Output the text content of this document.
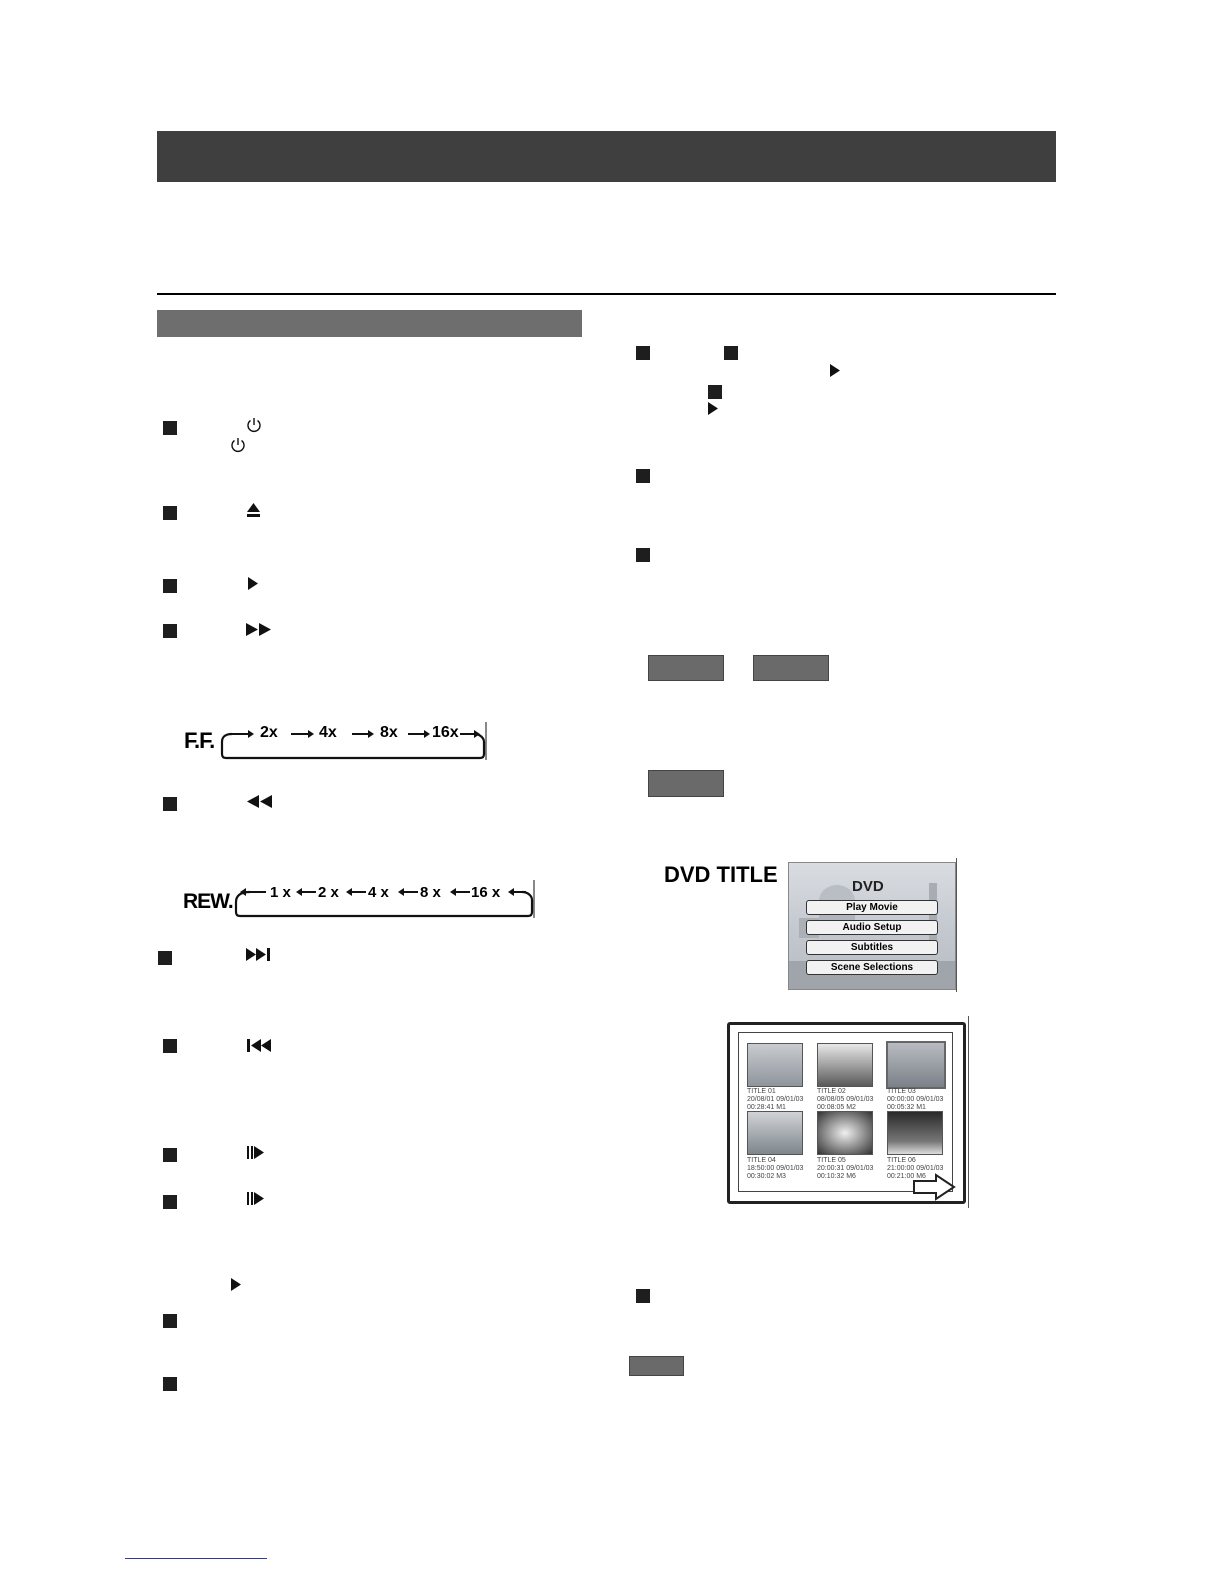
F.F.	2x	4x	8x 16x
REW. 1 x 2 x 4 x 8 x 16 x
DVD TITLE	DVD
Play Movie
Audio Setup
Subtitles
Scene Selections
TITLE 01
20/08/01 09/01/03
00:28:41 M1
TITLE 02
08/08/05 09/01/03
00:08:05 M2
TITLE 03
00:00:00 09/01/03
00:05:32 M1
TITLE 04
18:50:00 09/01/03
00:30:02 M3
TITLE 05
20:00:31 09/01/03
00:10:32 M6
TITLE 06
21:00:00 09/01/03
00:21:00 M6
